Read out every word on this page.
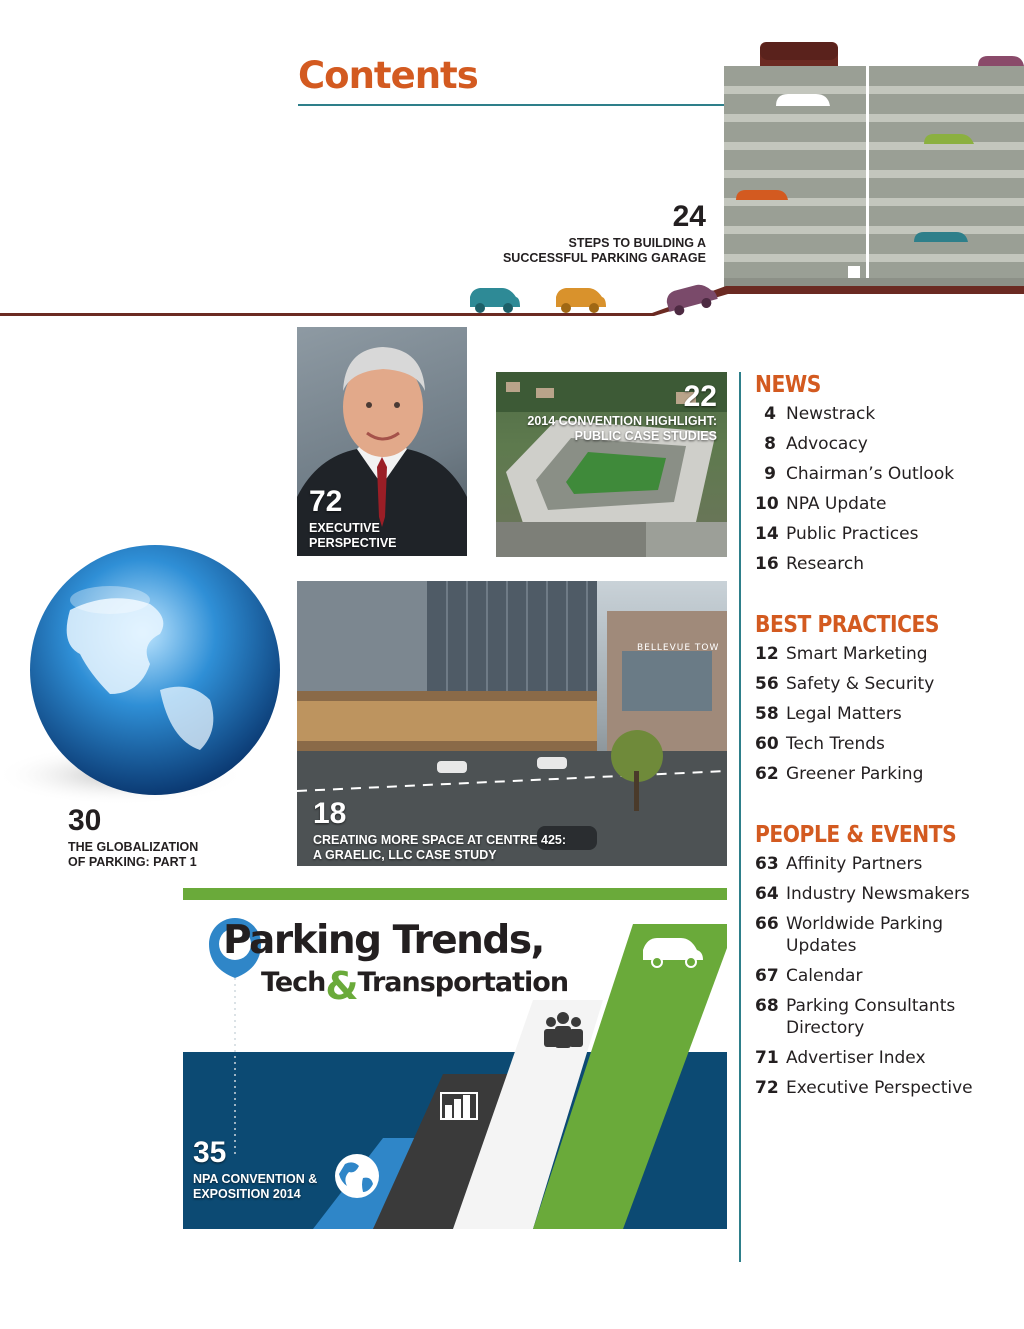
Contents
24
STEPS TO BUILDING A
SUCCESSFUL PARKING GARAGE
72
EXECUTIVE
PERSPECTIVE
22
2014 CONVENTION HIGHLIGHT:
PUBLIC CASE STUDIES
30
THE GLOBALIZATION
OF PARKING: PART 1
BELLEVUE TOW
18
CREATING MORE SPACE AT CENTRE 425:
A GRAELIC, LLC CASE STUDY
Parking Trends,
Tech&Transportation
35
NPA CONVENTION &
EXPOSITION 2014
NEWS
4 Newstrack
8 Advocacy
9 Chairman’s Outlook
10 NPA Update
14 Public Practices
16 Research
BEST PRACTICES
12 Smart Marketing
56 Safety & Security
58 Legal Matters
60 Tech Trends
62 Greener Parking
PEOPLE & EVENTS
63 Affinity Partners
64 Industry Newsmakers
66 Worldwide Parking Updates
67 Calendar
68 Parking Consultants Directory
71 Advertiser Index
72 Executive Perspective
